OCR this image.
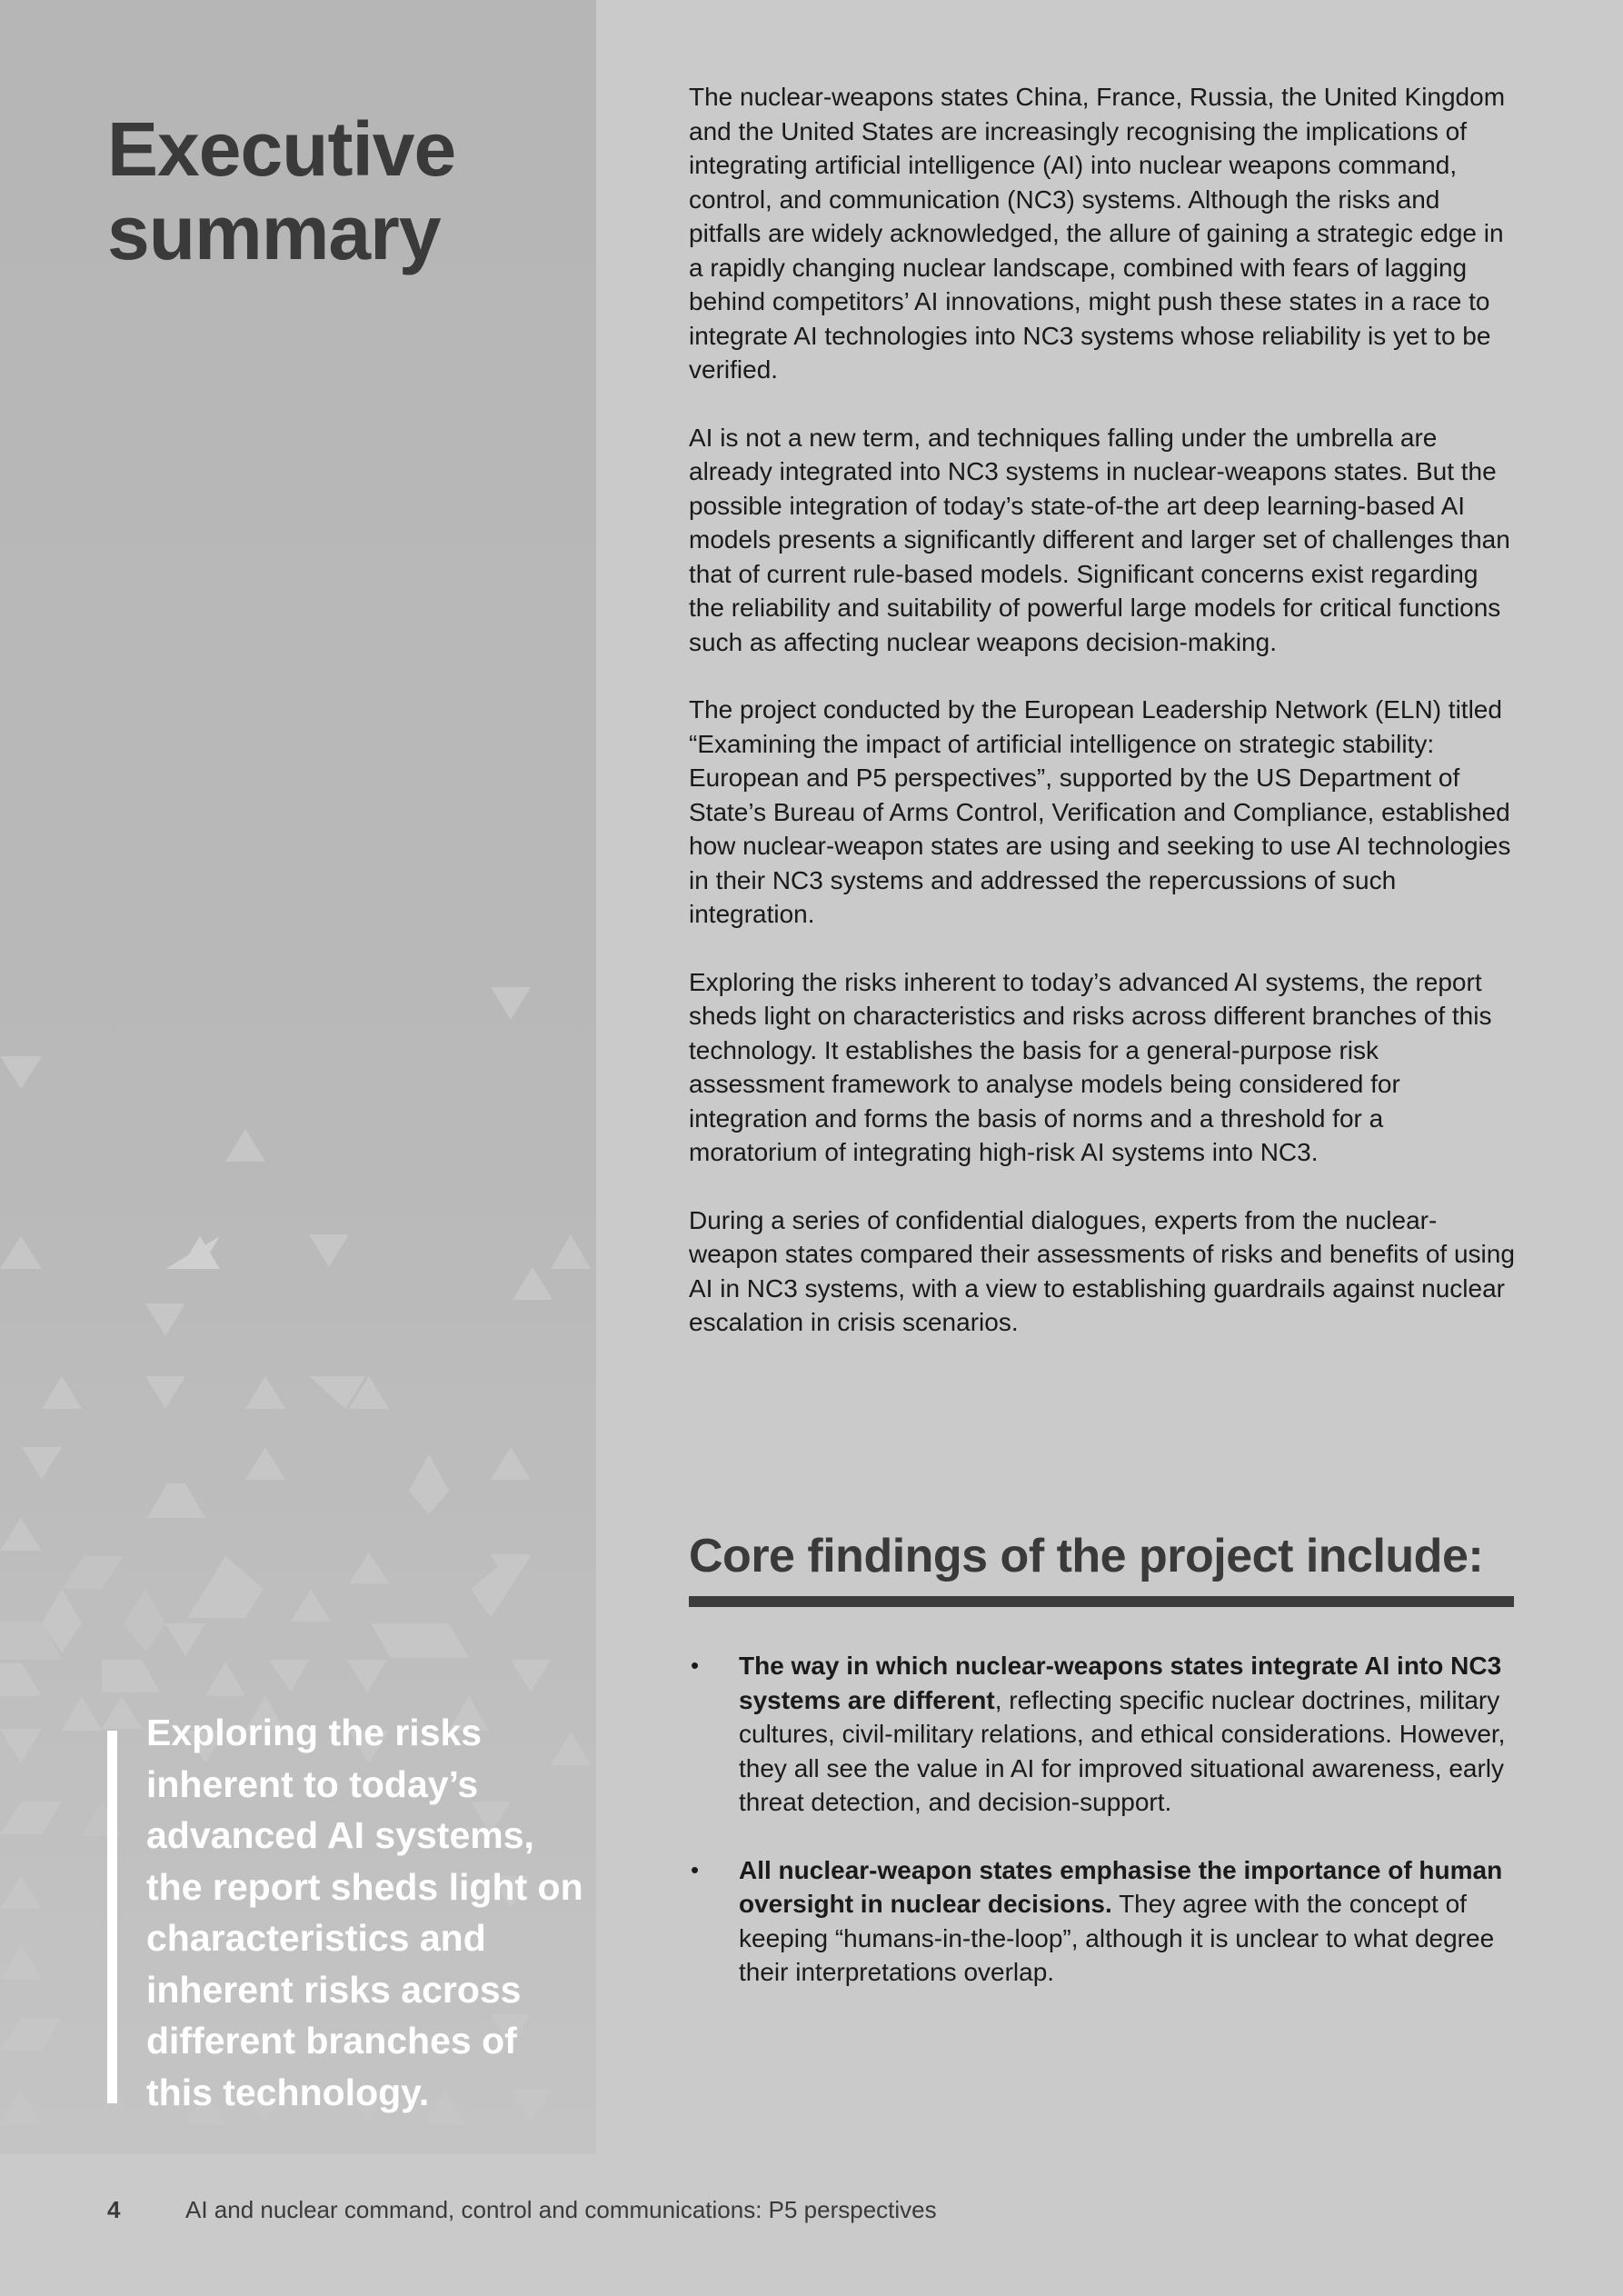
Executive
summary

Exploring the risks inherent to today’s advanced AI systems, the report sheds light on characteristics and inherent risks across different branches of this technology.

The nuclear-weapons states China, France, Russia, the United Kingdom and the United States are increasingly recognising the implications of integrating artificial intelligence (AI) into nuclear weapons command, control, and communication (NC3) systems. Although the risks and pitfalls are widely acknowledged, the allure of gaining a strategic edge in a rapidly changing nuclear landscape, combined with fears of lagging behind competitors’ AI innovations, might push these states in a race to integrate AI technologies into NC3 systems whose reliability is yet to be verified.

AI is not a new term, and techniques falling under the umbrella are already integrated into NC3 systems in nuclear-weapons states. But the possible integration of today’s state-of-the art deep learning-based AI models presents a significantly different and larger set of challenges than that of current rule-based models. Significant concerns exist regarding the reliability and suitability of powerful large models for critical functions such as affecting nuclear weapons decision-making.

The project conducted by the European Leadership Network (ELN) titled “Examining the impact of artificial intelligence on strategic stability: European and P5 perspectives”, supported by the US Department of State’s Bureau of Arms Control, Verification and Compliance, established how nuclear-weapon states are using and seeking to use AI technologies in their NC3 systems and addressed the repercussions of such integration.

Exploring the risks inherent to today’s advanced AI systems, the report sheds light on characteristics and risks across different branches of this technology. It establishes the basis for a general-purpose risk assessment framework to analyse models being considered for integration and forms the basis of norms and a threshold for a moratorium of integrating high-risk AI systems into NC3.

During a series of confidential dialogues, experts from the nuclear-weapon states compared their assessments of risks and benefits of using AI in NC3 systems, with a view to establishing guardrails against nuclear escalation in crisis scenarios.

Core findings of the project include:
• The way in which nuclear-weapons states integrate AI into NC3 systems are different, reflecting specific nuclear doctrines, military cultures, civil-military relations, and ethical considerations. However, they all see the value in AI for improved situational awareness, early threat detection, and decision-support.
• All nuclear-weapon states emphasise the importance of human oversight in nuclear decisions. They agree with the concept of keeping “humans-in-the-loop”, although it is unclear to what degree their interpretations overlap.
4	AI and nuclear command, control and communications: P5 perspectives
